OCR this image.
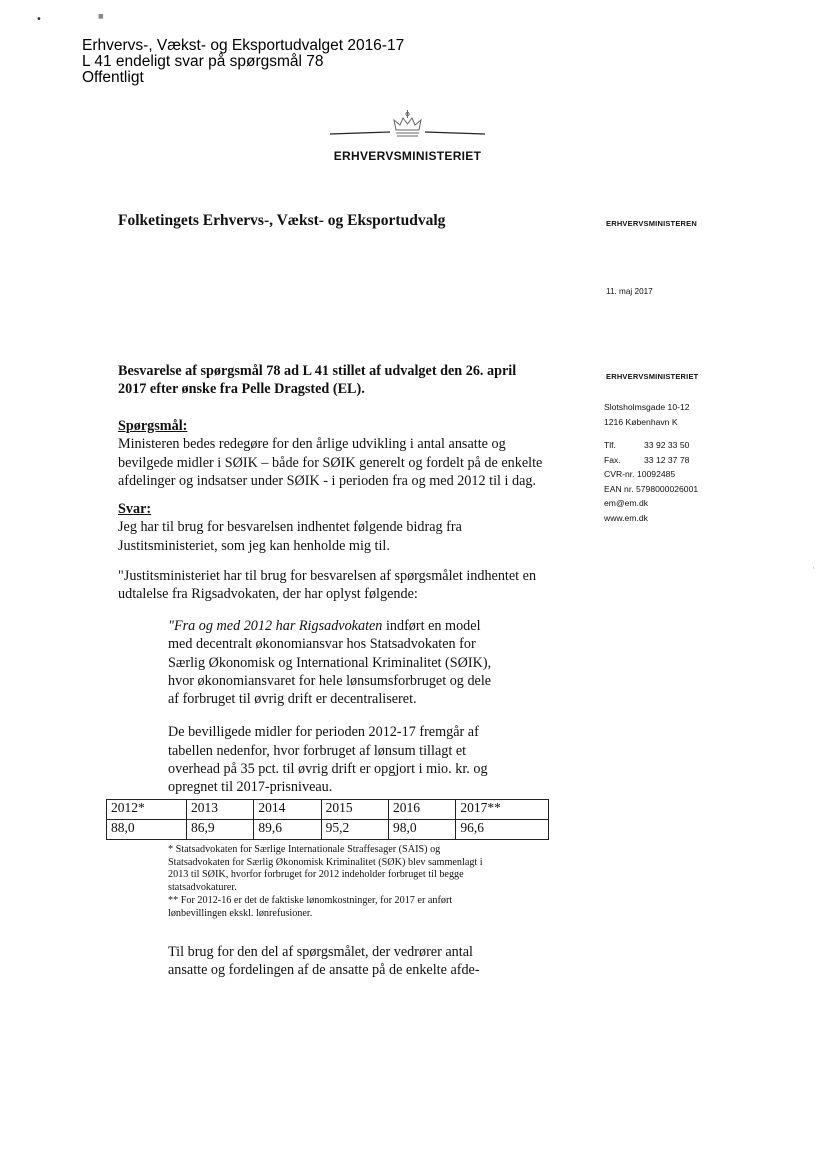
•	■
Erhvervs-, Vækst- og Eksportudvalget 2016-17
L 41 endeligt svar på spørgsmål 78
Offentligt
ERHVERVSMINISTERIET
Folketingets Erhvervs-, Vækst- og Eksportudvalg	ERHVERVSMINISTEREN
11. maj 2017
ERHVERVSMINISTERIET
Slotsholmsgade 10-12
1216 København K
Tlf.	33 92 33 50
Fax.	33 12 37 78
CVR-nr. 10092485
EAN nr. 5798000026001
em@em.dk
www.em.dk

Besvarelse af spørgsmål 78 ad L 41 stillet af udvalget den 26. april 2017 efter ønske fra Pelle Dragsted (EL).

Spørgsmål:

Ministeren bedes redegøre for den årlige udvikling i antal ansatte og bevilgede midler i SØIK – både for SØIK generelt og fordelt på de enkelte afdelinger og indsatser under SØIK - i perioden fra og med 2012 til i dag.

Svar:

Jeg har til brug for besvarelsen indhentet følgende bidrag fra Justitsministeriet, som jeg kan henholde mig til.

"Justitsministeriet har til brug for besvarelsen af spørgsmålet indhentet en udtalelse fra Rigsadvokaten, der har oplyst følgende:

"Fra og med 2012 har Rigsadvokaten indført en model med decentralt økonomiansvar hos Statsadvokaten for Særlig Økonomisk og International Kriminalitet (SØIK), hvor økonomiansvaret for hele lønsumsforbruget og dele af forbruget til øvrig drift er decentraliseret.

De bevilligede midler for perioden 2012-17 fremgår af tabellen nedenfor, hvor forbruget af lønsum tillagt et overhead på 35 pct. til øvrig drift er opgjort i mio. kr. og opregnet til 2017-prisniveau.

2012*	2013	2014	2015	2016	2017**
88,0	86,9	89,6	95,2	98,0	96,6

* Statsadvokaten for Særlige Internationale Straffesager (SAIS) og Statsadvokaten for Særlig Økonomisk Kriminalitet (SØK) blev sammenlagt i 2013 til SØIK, hvorfor forbruget for 2012 indeholder forbruget til begge statsadvokaturer.

** For 2012-16 er det de faktiske lønomkostninger, for 2017 er anført lønbevillingen ekskl. lønrefusioner.

Til brug for den del af spørgsmålet, der vedrører antal ansatte og fordelingen af de ansatte på de enkelte afde-

·
